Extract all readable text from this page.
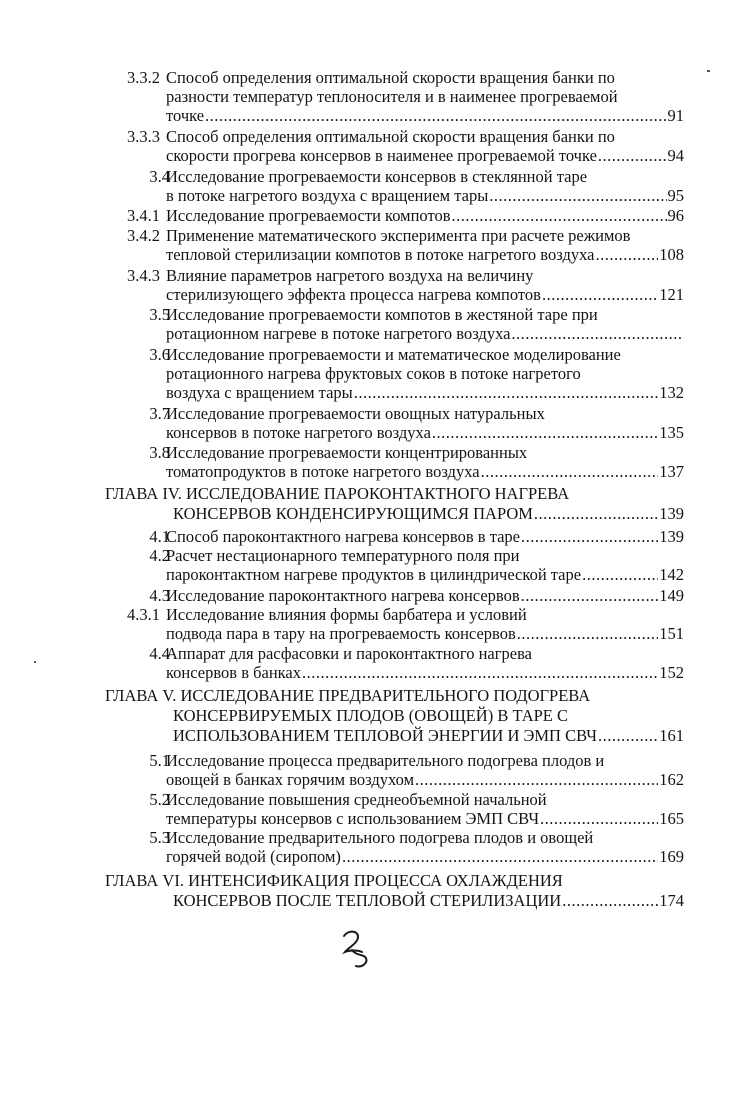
3.3.2 Способ определения оптимальной скорости вращения банки по
разности температур теплоносителя и в наименее прогреваемой
точке .....	91
3.3.3 Способ определения оптимальной скорости вращения банки по
скорости прогрева консервов в наименее прогреваемой точке .....	94
3.4
Исследование прогреваемости консервов в стеклянной таре
в потоке нагретого воздуха с вращением тары .....	95
3.4.1 Исследование прогреваемости компотов .....	96
3.4.2 Применение математического эксперимента при расчете режимов
тепловой стерилизации компотов в потоке нагретого воздуха .....	108
3.4.3 Влияние параметров нагретого воздуха на величину
стерилизующего эффекта процесса нагрева компотов .....	121
3.5
Исследование прогреваемости компотов в жестяной таре при
ротационном нагреве в потоке нагретого воздуха
.....
3.6
Исследование прогреваемости и математическое моделирование
ротационного нагрева фруктовых соков в потоке нагретого
воздуха с вращением тары .....	132
3.7
Исследование прогреваемости овощных натуральных
консервов в потоке нагретого воздуха .....	135
3.8
Исследование прогреваемости концентрированных
томатопродуктов в потоке нагретого воздуха .....	137
ГЛАВА IV. ИССЛЕДОВАНИЕ ПАРОКОНТАКТНОГО НАГРЕВА
КОНСЕРВОВ КОНДЕНСИРУЮЩИМСЯ ПАРОМ .....	139
4.1
Способ пароконтактного нагрева консервов в таре .....	139
4.2
Расчет нестационарного температурного поля при
пароконтактном нагреве продуктов в цилиндрической таре .....	142
4.3
Исследование пароконтактного нагрева консервов .....	149
4.3.1 Исследование влияния формы барбатера и условий
подвода пара в тару на прогреваемость консервов .....	151
4.4
Аппарат для расфасовки и пароконтактного нагрева
консервов в банках .....	152
ГЛАВА V. ИССЛЕДОВАНИЕ ПРЕДВАРИТЕЛЬНОГО ПОДОГРЕВА
КОНСЕРВИРУЕМЫХ ПЛОДОВ (ОВОЩЕЙ) В ТАРЕ С
ИСПОЛЬЗОВАНИЕМ ТЕПЛОВОЙ ЭНЕРГИИ И ЭМП СВЧ .....	161
5.1
Исследование процесса предварительного подогрева плодов и
овощей в банках горячим воздухом .....	162
5.2
Исследование повышения среднеобъемной начальной
температуры консервов с использованием ЭМП СВЧ .....	165
5.3
Исследование предварительного подогрева плодов и овощей
горячей водой (сиропом) .....	169
ГЛАВА VI. ИНТЕНСИФИКАЦИЯ ПРОЦЕССА ОХЛАЖДЕНИЯ
КОНСЕРВОВ ПОСЛЕ ТЕПЛОВОЙ СТЕРИЛИЗАЦИИ .....	174
